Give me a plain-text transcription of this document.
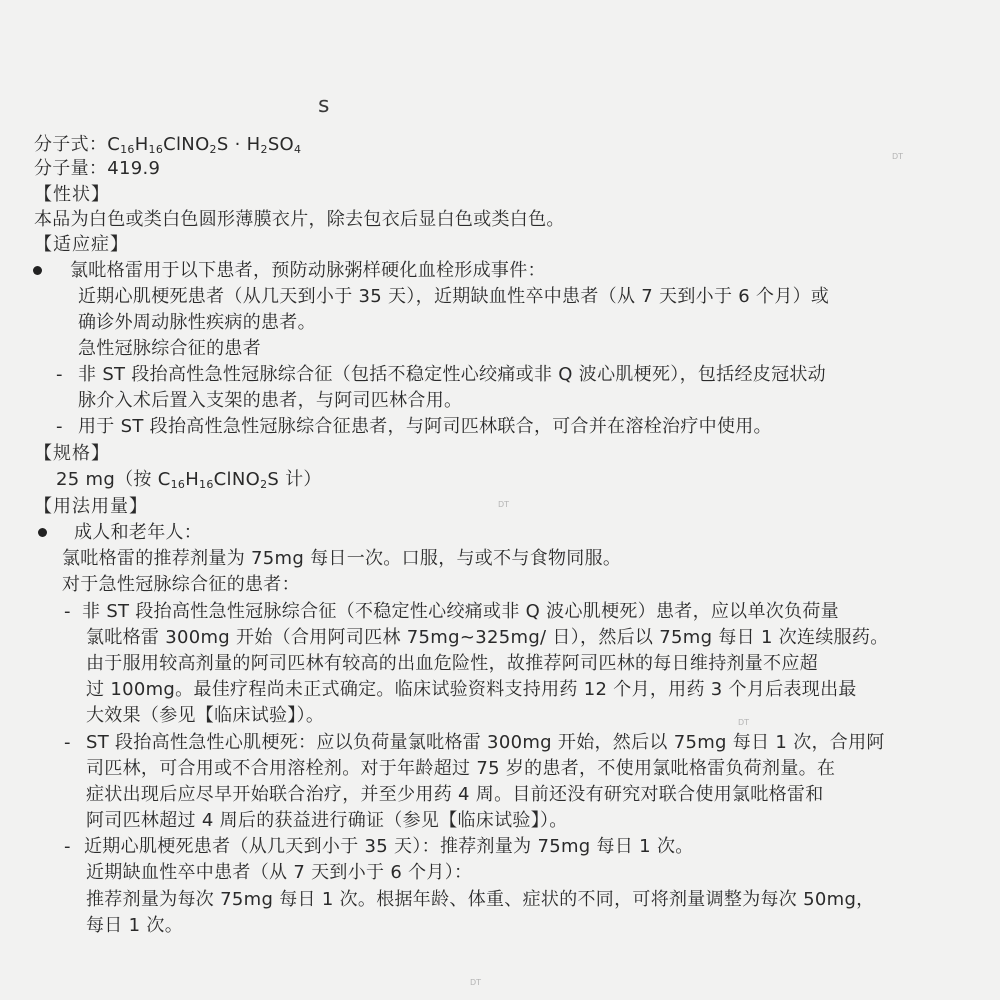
s
分子式：$C_{16}H_{16}ClNO_2S \cdot H_2SO_4$
分子量：419.9
【性状】
本品为白色或类白色圆形薄膜衣片，除去包衣后显白色或类白色。
【适应症】
氯吡格雷用于以下患者，预防动脉粥样硬化血栓形成事件：
近期心肌梗死患者（从几天到小于 35 天），近期缺血性卒中患者（从 7 天到小于 6 个月）或
确诊外周动脉性疾病的患者。
急性冠脉综合征的患者
- 非 ST 段抬高性急性冠脉综合征（包括不稳定性心绞痛或非 Q 波心肌梗死），包括经皮冠状动
脉介入术后置入支架的患者，与阿司匹林合用。
- 用于 ST 段抬高性急性冠脉综合征患者，与阿司匹林联合，可合并在溶栓治疗中使用。
【规格】
25 mg（按 $C_{16}H_{16}ClNO_2S$ 计）
【用法用量】
成人和老年人：
氯吡格雷的推荐剂量为 75mg 每日一次。口服，与或不与食物同服。
对于急性冠脉综合征的患者：
- 非 ST 段抬高性急性冠脉综合征（不稳定性心绞痛或非 Q 波心肌梗死）患者，应以单次负荷量
氯吡格雷 300mg 开始（合用阿司匹林 75mg~325mg/ 日），然后以 75mg 每日 1 次连续服药。
由于服用较高剂量的阿司匹林有较高的出血危险性，故推荐阿司匹林的每日维持剂量不应超
过 100mg。最佳疗程尚未正式确定。临床试验资料支持用药 12 个月，用药 3 个月后表现出最
大效果（参见【临床试验】）。
- ST 段抬高性急性心肌梗死：应以负荷量氯吡格雷 300mg 开始，然后以 75mg 每日 1 次，合用阿
司匹林，可合用或不合用溶栓剂。对于年龄超过 75 岁的患者，不使用氯吡格雷负荷剂量。在
症状出现后应尽早开始联合治疗，并至少用药 4 周。目前还没有研究对联合使用氯吡格雷和
阿司匹林超过 4 周后的获益进行确证（参见【临床试验】）。
- 近期心肌梗死患者（从几天到小于 35 天）：推荐剂量为 75mg 每日 1 次。
近期缺血性卒中患者（从 7 天到小于 6 个月）：
推荐剂量为每次 75mg 每日 1 次。根据年龄、体重、症状的不同，可将剂量调整为每次 50mg，
每日 1 次。
DT
DT
DT
DT
